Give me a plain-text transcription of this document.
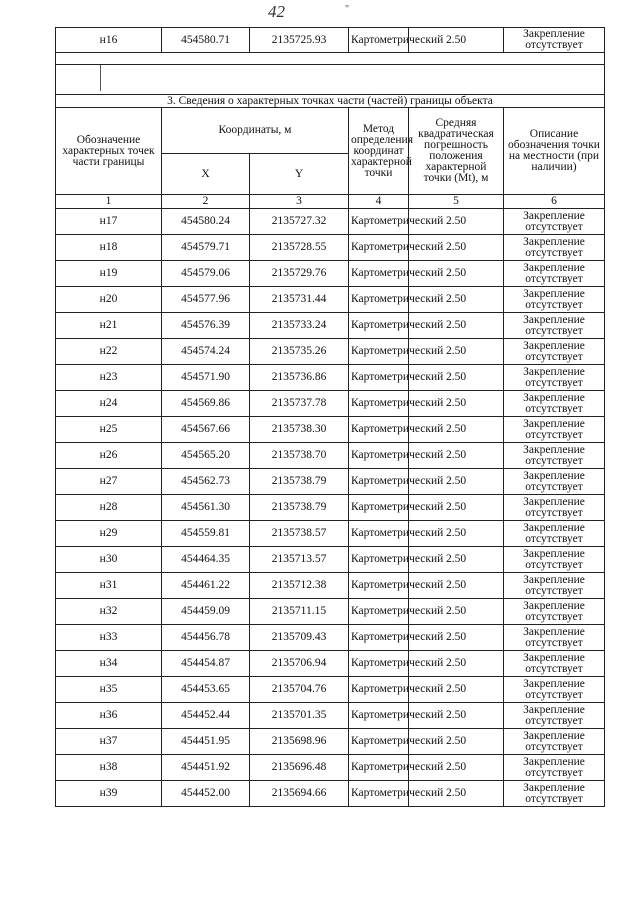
42	"
н16	454580.71	2135725.93	Картометрический	2.50	Закрепление отсутствует

3. Сведения о характерных точках части (частей) границы объекта					
Обозначение характерных точек части границы	Координаты, м		Метод определения координат характерной точки	Средняя квадратическая погрешность положения характерной точки (Mt), м	Описание обозначения точки на местности (при наличии)
	X	Y			
1	2	3	4	5	6
н17	454580.24	2135727.32	Картометрический	2.50	Закрепление отсутствует
н18	454579.71	2135728.55	Картометрический	2.50	Закрепление отсутствует
н19	454579.06	2135729.76	Картометрический	2.50	Закрепление отсутствует
н20	454577.96	2135731.44	Картометрический	2.50	Закрепление отсутствует
н21	454576.39	2135733.24	Картометрический	2.50	Закрепление отсутствует
н22	454574.24	2135735.26	Картометрический	2.50	Закрепление отсутствует
н23	454571.90	2135736.86	Картометрический	2.50	Закрепление отсутствует
н24	454569.86	2135737.78	Картометрический	2.50	Закрепление отсутствует
н25	454567.66	2135738.30	Картометрический	2.50	Закрепление отсутствует
н26	454565.20	2135738.70	Картометрический	2.50	Закрепление отсутствует
н27	454562.73	2135738.79	Картометрический	2.50	Закрепление отсутствует
н28	454561.30	2135738.79	Картометрический	2.50	Закрепление отсутствует
н29	454559.81	2135738.57	Картометрический	2.50	Закрепление отсутствует
н30	454464.35	2135713.57	Картометрический	2.50	Закрепление отсутствует
н31	454461.22	2135712.38	Картометрический	2.50	Закрепление отсутствует
н32	454459.09	2135711.15	Картометрический	2.50	Закрепление отсутствует
н33	454456.78	2135709.43	Картометрический	2.50	Закрепление отсутствует
н34	454454.87	2135706.94	Картометрический	2.50	Закрепление отсутствует
н35	454453.65	2135704.76	Картометрический	2.50	Закрепление отсутствует
н36	454452.44	2135701.35	Картометрический	2.50	Закрепление отсутствует
н37	454451.95	2135698.96	Картометрический	2.50	Закрепление отсутствует
н38	454451.92	2135696.48	Картометрический	2.50	Закрепление отсутствует
н39	454452.00	2135694.66	Картометрический	2.50	Закрепление отсутствует
